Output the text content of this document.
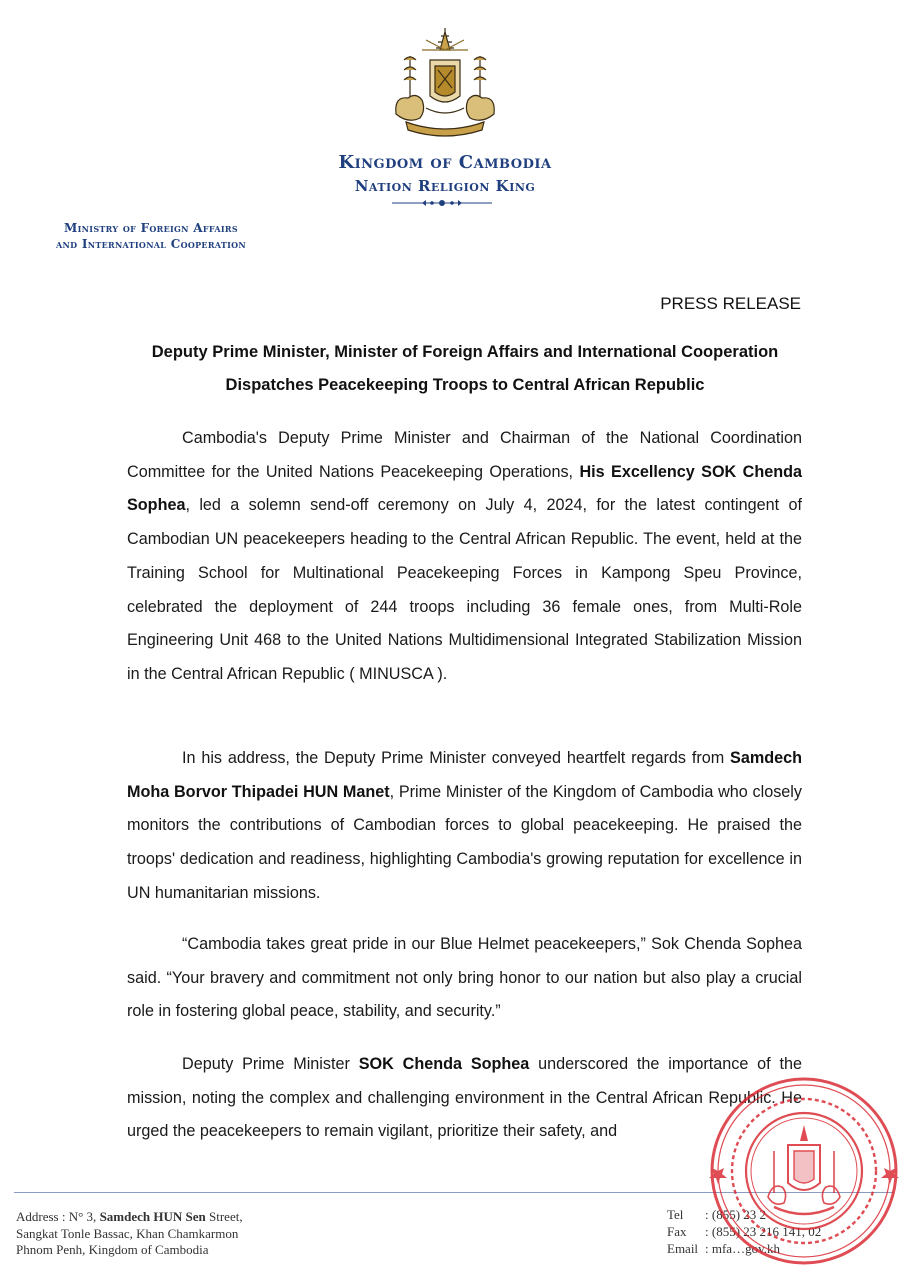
Kingdom of Cambodia
Nation Religion King
Ministry of Foreign Affairs
and International Cooperation
PRESS RELEASE
Deputy Prime Minister, Minister of Foreign Affairs and International Cooperation
Dispatches Peacekeeping Troops to Central African Republic

Cambodia's Deputy Prime Minister and Chairman of the National Coordination Committee for the United Nations Peacekeeping Operations, His Excellency SOK Chenda Sophea, led a solemn send-off ceremony on July 4, 2024, for the latest contingent of Cambodian UN peacekeepers heading to the Central African Republic. The event, held at the Training School for Multinational Peacekeeping Forces in Kampong Speu Province, celebrated the deployment of 244 troops including 36 female ones, from Multi-Role Engineering Unit 468 to the United Nations Multidimensional Integrated Stabilization Mission in the Central African Republic ( MINUSCA ).

In his address, the Deputy Prime Minister conveyed heartfelt regards from Samdech Moha Borvor Thipadei HUN Manet, Prime Minister of the Kingdom of Cambodia who closely monitors the contributions of Cambodian forces to global peacekeeping. He praised the troops' dedication and readiness, highlighting Cambodia's growing reputation for excellence in UN humanitarian missions.

“Cambodia takes great pride in our Blue Helmet peacekeepers,” Sok Chenda Sophea said. “Your bravery and commitment not only bring honor to our nation but also play a crucial role in fostering global peace, stability, and security.”

Deputy Prime Minister SOK Chenda Sophea underscored the importance of the mission, noting the complex and challenging environment in the Central African Republic. He urged the peacekeepers to remain vigilant, prioritize their safety, and

Address : N° 3, Samdech HUN Sen Street,
Sangkat Tonle Bassac, Khan Chamkarmon
Phnom Penh, Kingdom of Cambodia
Tel : (855) 23 2
Fax : (855) 23 216 141, 02
Email : mfa…gov.kh
